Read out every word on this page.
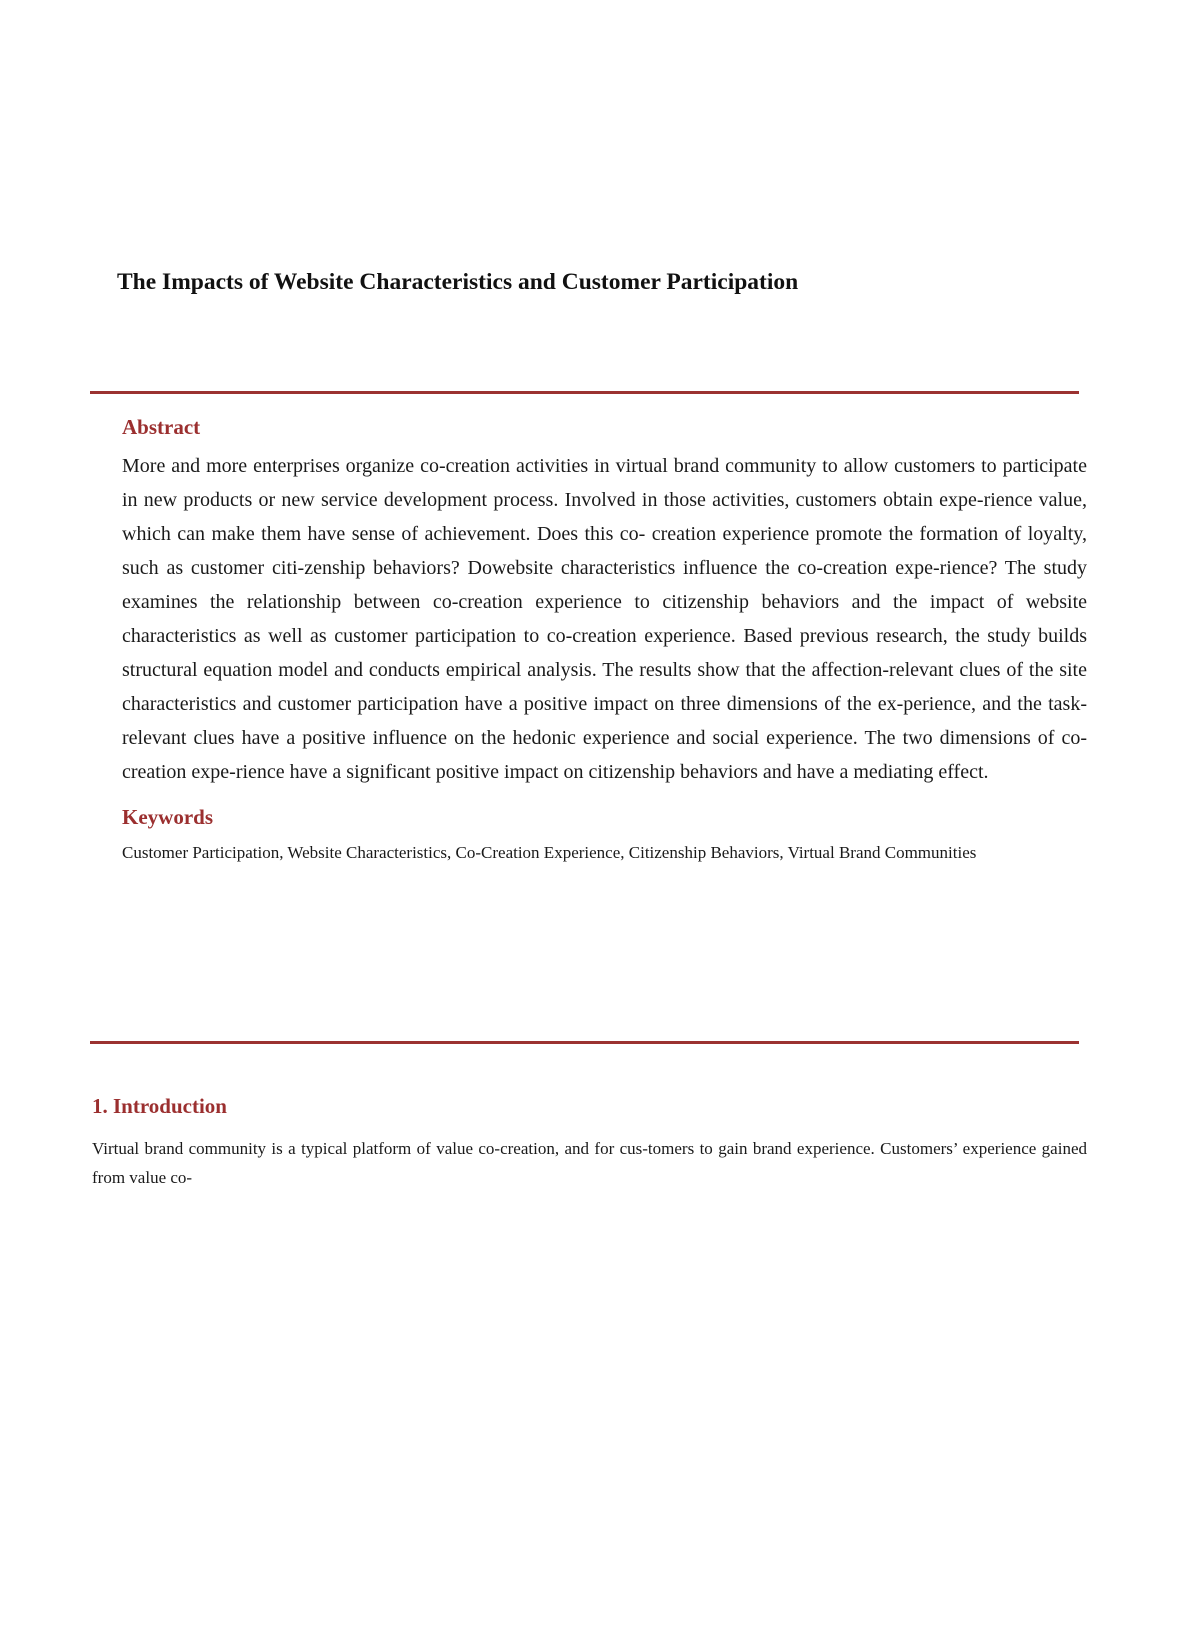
The Impacts of Website Characteristics and Customer Participation
Abstract

More and more enterprises organize co-creation activities in virtual brand community to allow customers to participate in new products or new service development process. Involved in those activities, customers obtain expe-rience value, which can make them have sense of achievement. Does this co- creation experience promote the formation of loyalty, such as customer citi-zenship behaviors? Dowebsite characteristics influence the co-creation expe-rience? The study examines the relationship between co-creation experience to citizenship behaviors and the impact of website characteristics as well as customer participation to co-creation experience. Based previous research, the study builds structural equation model and conducts empirical analysis. The results show that the affection-relevant clues of the site characteristics and customer participation have a positive impact on three dimensions of the ex-perience, and the task-relevant clues have a positive influence on the hedonic experience and social experience. The two dimensions of co-creation expe-rience have a significant positive impact on citizenship behaviors and have a mediating effect.

Keywords

Customer Participation, Website Characteristics, Co-Creation Experience, Citizenship Behaviors, Virtual Brand Communities

1. Introduction

Virtual brand community is a typical platform of value co-creation, and for cus-tomers to gain brand experience. Customers’ experience gained from value co-
